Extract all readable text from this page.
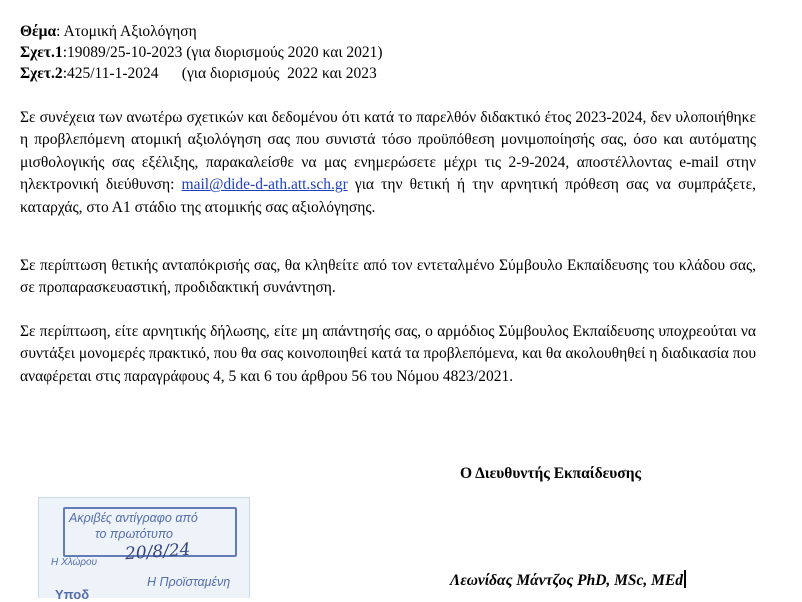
Θέμα: Ατομική Αξιολόγηση
Σχετ.1:19089/25-10-2023 (για διορισμούς 2020 και 2021)
Σχετ.2:425/11-1-2024      (για διορισμούς  2022 και 2023
Σε συνέχεια των ανωτέρω σχετικών και δεδομένου ότι κατά το παρελθόν διδακτικό έτος 2023-2024, δεν υλοποιήθηκε η προβλεπόμενη ατομική αξιολόγηση σας που συνιστά τόσο προϋπόθεση μονιμοποίησής σας, όσο και αυτόματης μισθολογικής σας εξέλιξης, παρακαλείσθε να μας ενημερώσετε μέχρι τις 2-9-2024, αποστέλλοντας e-mail στην ηλεκτρονική διεύθυνση: mail@dide-d-ath.att.sch.gr για την θετική ή την αρνητική πρόθεση σας να συμπράξετε, καταρχάς, στο Α1 στάδιο της ατομικής σας αξιολόγησης.
Σε περίπτωση θετικής ανταπόκρισής σας, θα κληθείτε από τον εντεταλμένο Σύμβουλο Εκπαίδευσης του κλάδου σας, σε προπαρασκευαστική, προδιδακτική συνάντηση.
Σε περίπτωση, είτε αρνητικής δήλωσης, είτε μη απάντησής σας, ο αρμόδιος Σύμβουλος Εκπαίδευσης υποχρεούται να συντάξει μονομερές πρακτικό, που θα σας κοινοποιηθεί κατά τα προβλεπόμενα, και θα ακολουθηθεί η διαδικασία που αναφέρεται στις παραγράφους 4, 5 και 6 του άρθρου 56 του Νόμου 4823/2021.
Ο Διευθυντής Εκπαίδευσης
Ακριβές αντίγραφο από
το πρωτότυπο
20/8/24
Η Χλώρου
Η Προϊσταμένη
Υποδ
Λεωνίδας Μάντζος PhD, MSc, MEd
